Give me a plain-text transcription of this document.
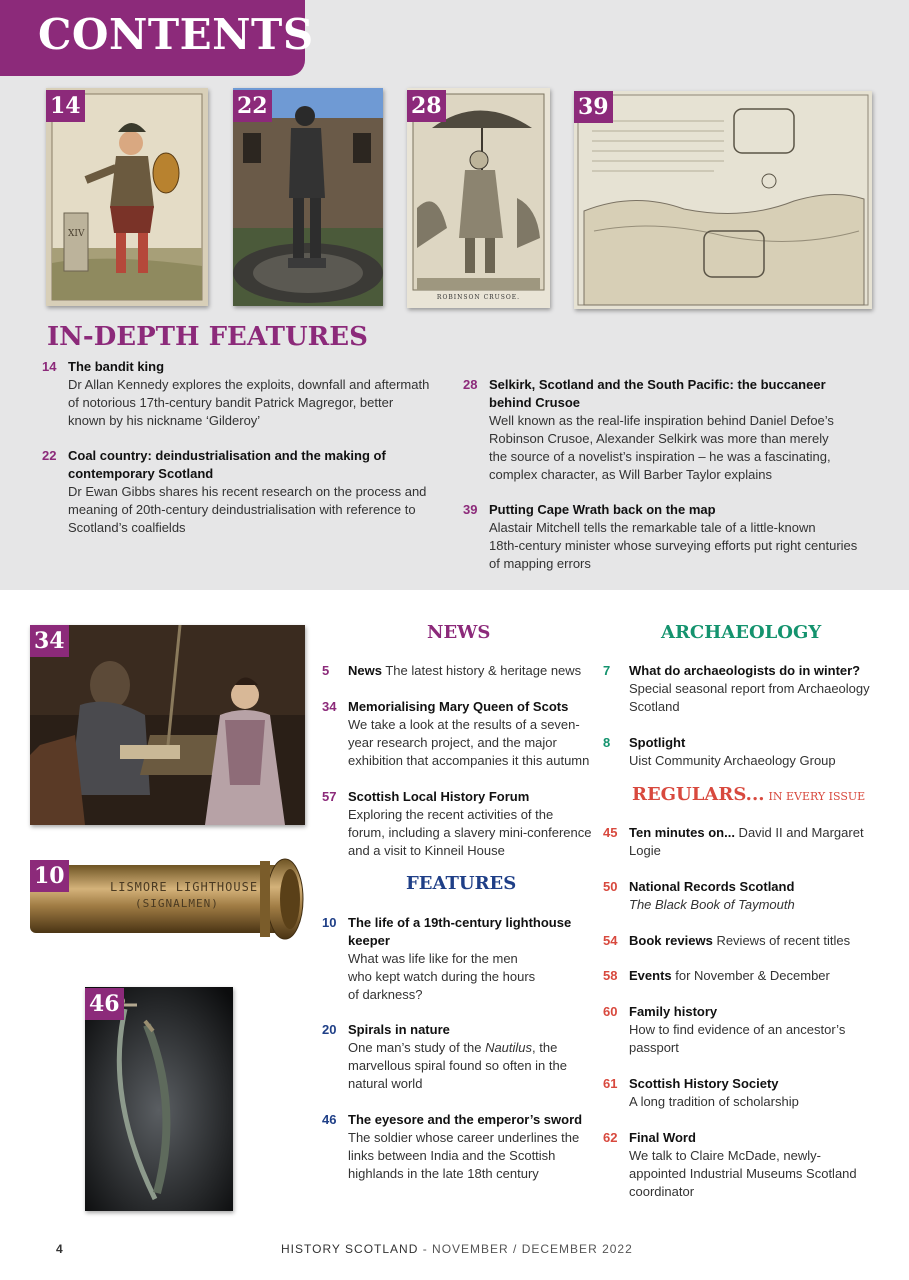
CONTENTS
XIV
14	22
ROBINSON CRUSOE.
28	39
IN-DEPTH FEATURES
14 The bandit king
Dr Allan Kennedy explores the exploits, downfall and aftermath
of notorious 17th-century bandit Patrick Magregor, better
known by his nickname ‘Gilderoy’
22 Coal country: deindustrialisation and the making of
contemporary Scotland
Dr Ewan Gibbs shares his recent research on the process and
meaning of 20th-century deindustrialisation with reference to
Scotland’s coalfields
28 Selkirk, Scotland and the South Pacific: the buccaneer
behind Crusoe
Well known as the real-life inspiration behind Daniel Defoe’s
Robinson Crusoe, Alexander Selkirk was more than merely
the source of a novelist’s inspiration – he was a fascinating,
complex character, as Will Barber Taylor explains
39 Putting Cape Wrath back on the map
Alastair Mitchell tells the remarkable tale of a little-known
18th-century minister whose surveying efforts put right centuries
of mapping errors
34
LISMORE LIGHTHOUSE
(SIGNALMEN)
10
46
NEWS
5 News The latest history & heritage news
34 Memorialising Mary Queen of Scots
We take a look at the results of a seven-
year research project, and the major
exhibition that accompanies it this autumn
57 Scottish Local History Forum
Exploring the recent activities of the
forum, including a slavery mini-conference
and a visit to Kinneil House
FEATURES
10 The life of a 19th-century lighthouse
keeper
What was life like for the men
who kept watch during the hours
of darkness?
20 Spirals in nature
One man’s study of the Nautilus, the
marvellous spiral found so often in the
natural world
46 The eyesore and the emperor’s sword
The soldier whose career underlines the
links between India and the Scottish
highlands in the late 18th century
ARCHAEOLOGY
7 What do archaeologists do in winter?
Special seasonal report from Archaeology
Scotland
8 Spotlight
Uist Community Archaeology Group
REGULARS... IN EVERY ISSUE
45 Ten minutes on... David II and Margaret
Logie
50 National Records Scotland
The Black Book of Taymouth
54 Book reviews Reviews of recent titles
58 Events for November & December
60 Family history
How to find evidence of an ancestor’s
passport
61 Scottish History Society
A long tradition of scholarship
62 Final Word
We talk to Claire McDade, newly-
appointed Industrial Museums Scotland
coordinator
4	HISTORY SCOTLAND - NOVEMBER / DECEMBER 2022
